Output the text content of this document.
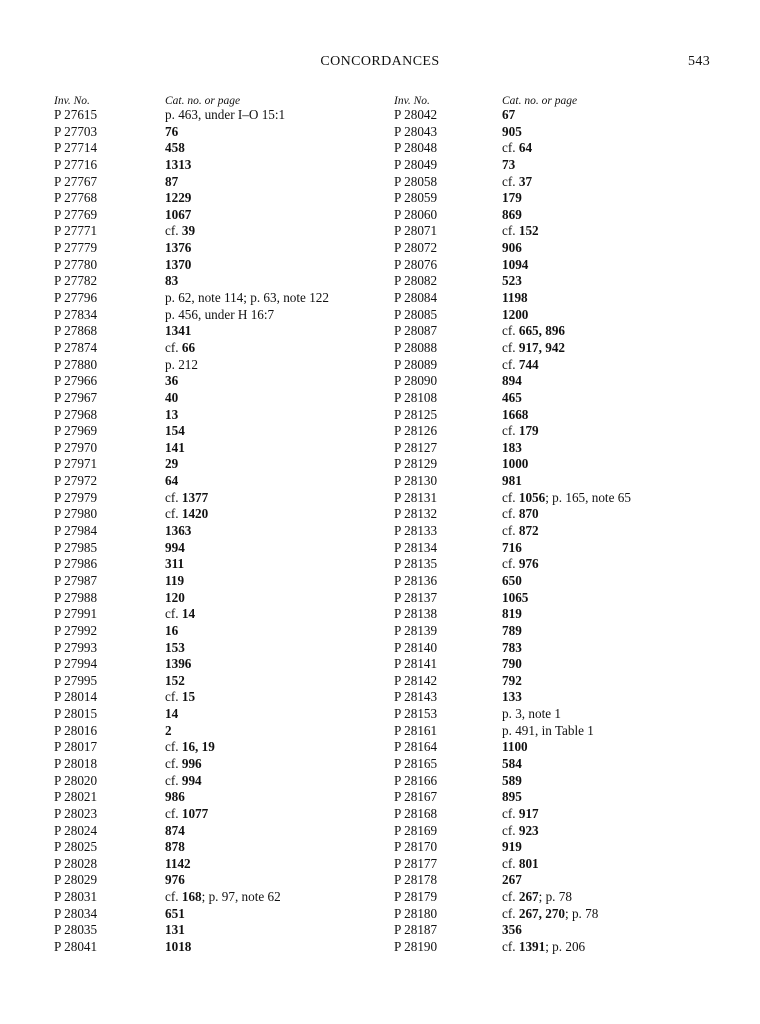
CONCORDANCES	543
Inv. No.	Cat. no. or page
P 27615	p. 463, under I–O 15:1
P 27703	76
P 27714	458
P 27716	1313
P 27767	87
P 27768	1229
P 27769	1067
P 27771	cf. 39
P 27779	1376
P 27780	1370
P 27782	83
P 27796	p. 62, note 114; p. 63, note 122
P 27834	p. 456, under H 16:7
P 27868	1341
P 27874	cf. 66
P 27880	p. 212
P 27966	36
P 27967	40
P 27968	13
P 27969	154
P 27970	141
P 27971	29
P 27972	64
P 27979	cf. 1377
P 27980	cf. 1420
P 27984	1363
P 27985	994
P 27986	311
P 27987	119
P 27988	120
P 27991	cf. 14
P 27992	16
P 27993	153
P 27994	1396
P 27995	152
P 28014	cf. 15
P 28015	14
P 28016	2
P 28017	cf. 16, 19
P 28018	cf. 996
P 28020	cf. 994
P 28021	986
P 28023	cf. 1077
P 28024	874
P 28025	878
P 28028	1142
P 28029	976
P 28031	cf. 168; p. 97, note 62
P 28034	651
P 28035	131
P 28041	1018
Inv. No.	Cat. no. or page
P 28042	67
P 28043	905
P 28048	cf. 64
P 28049	73
P 28058	cf. 37
P 28059	179
P 28060	869
P 28071	cf. 152
P 28072	906
P 28076	1094
P 28082	523
P 28084	1198
P 28085	1200
P 28087	cf. 665, 896
P 28088	cf. 917, 942
P 28089	cf. 744
P 28090	894
P 28108	465
P 28125	1668
P 28126	cf. 179
P 28127	183
P 28129	1000
P 28130	981
P 28131	cf. 1056; p. 165, note 65
P 28132	cf. 870
P 28133	cf. 872
P 28134	716
P 28135	cf. 976
P 28136	650
P 28137	1065
P 28138	819
P 28139	789
P 28140	783
P 28141	790
P 28142	792
P 28143	133
P 28153	p. 3, note 1
P 28161	p. 491, in Table 1
P 28164	1100
P 28165	584
P 28166	589
P 28167	895
P 28168	cf. 917
P 28169	cf. 923
P 28170	919
P 28177	cf. 801
P 28178	267
P 28179	cf. 267; p. 78
P 28180	cf. 267, 270; p. 78
P 28187	356
P 28190	cf. 1391; p. 206
